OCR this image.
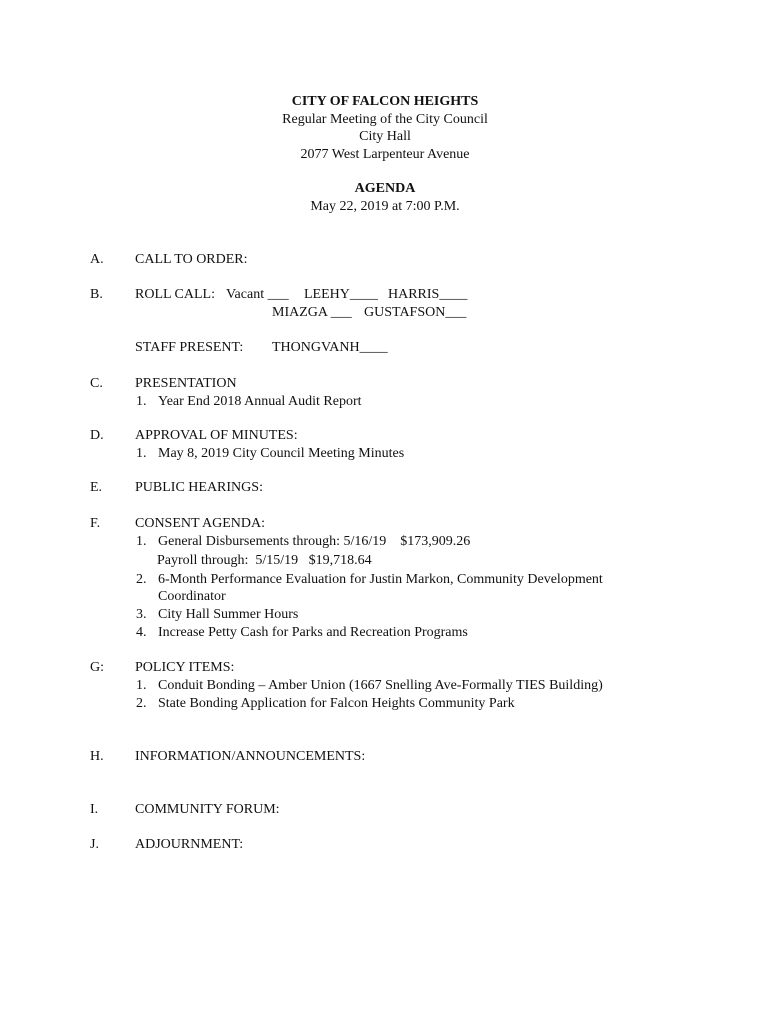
CITY OF FALCON HEIGHTS
Regular Meeting of the City Council
City Hall
2077 West Larpenteur Avenue
AGENDA
May 22, 2019 at 7:00 P.M.
A. CALL TO ORDER:
B. ROLL CALL: Vacant ___ LEEHY____ HARRIS____
MIAZGA ___ GUSTAFSON___
STAFF PRESENT: THONGVANH____
C. PRESENTATION
1. Year End 2018 Annual Audit Report
D. APPROVAL OF MINUTES:
1. May 8, 2019 City Council Meeting Minutes
E. PUBLIC HEARINGS:
F. CONSENT AGENDA:
1. General Disbursements through: 5/16/19    $173,909.26
Payroll through:  5/15/19   $19,718.64
2. 6-Month Performance Evaluation for Justin Markon, Community Development
Coordinator
3. City Hall Summer Hours
4. Increase Petty Cash for Parks and Recreation Programs
G: POLICY ITEMS:
1. Conduit Bonding – Amber Union (1667 Snelling Ave-Formally TIES Building)
2. State Bonding Application for Falcon Heights Community Park
H. INFORMATION/ANNOUNCEMENTS:
I.	COMMUNITY FORUM:
J.	ADJOURNMENT:
